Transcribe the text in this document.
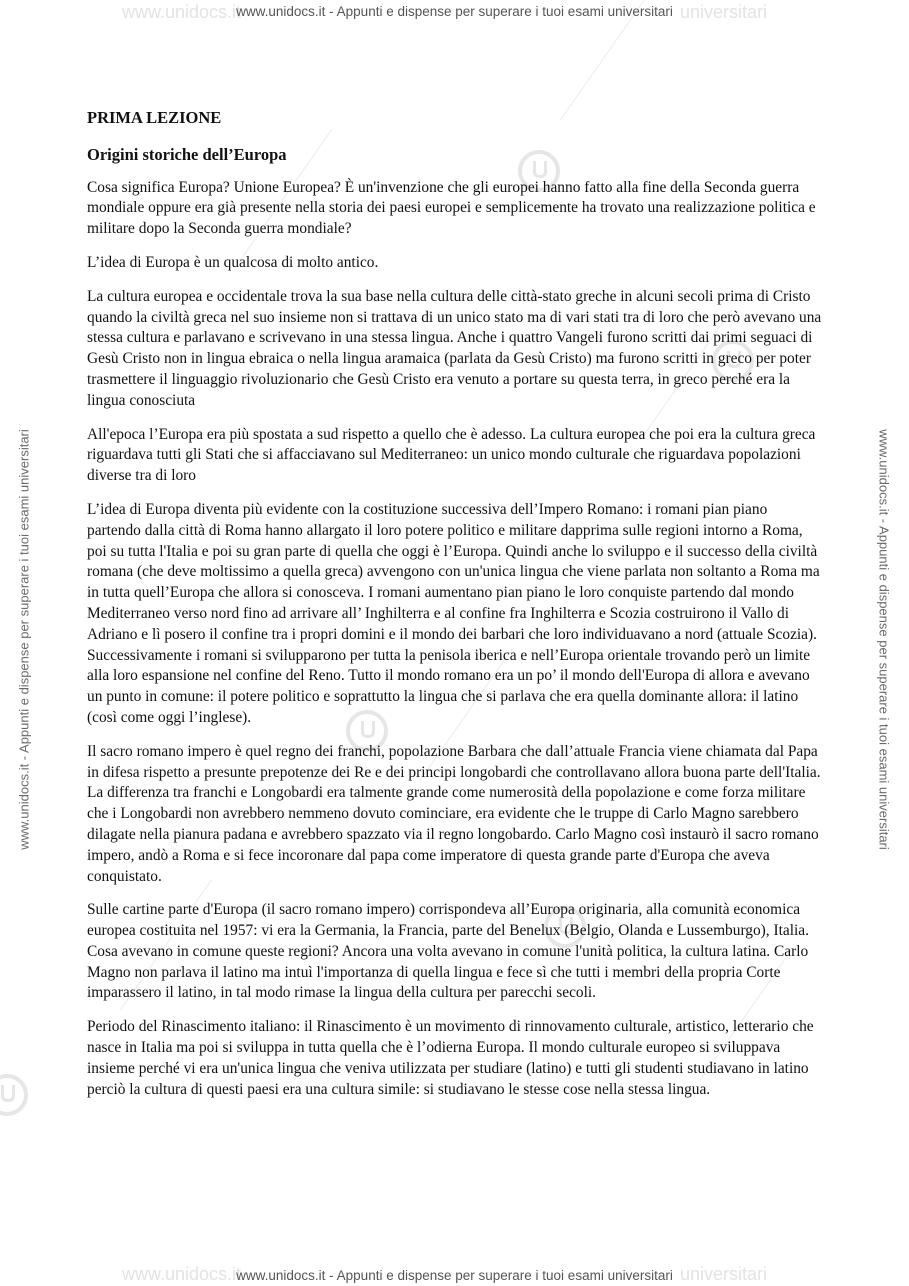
www.unidocs.it	universitari
www.unidocs.it	universitari
www.unidocs.it - Appunti e dispense per superare i tuoi esami universitari
www.unidocs.it - Appunti e dispense per superare i tuoi esami universitari
www.unidocs.it - Appunti e dispense per superare i tuoi esami universitari	www.unidocs.it - Appunti e dispense per superare i tuoi esami universitari
PRIMA LEZIONE
Origini storiche dell’Europa

Cosa significa Europa? Unione Europea? È un'invenzione che gli europei hanno fatto alla fine della Seconda guerra mondiale oppure era già presente nella storia dei paesi europei e semplicemente ha trovato una realizzazione politica e militare dopo la Seconda guerra mondiale?

L’idea di Europa è un qualcosa di molto antico.

La cultura europea e occidentale trova la sua base nella cultura delle città-stato greche in alcuni secoli prima di Cristo quando la civiltà greca nel suo insieme non si trattava di un unico stato ma di vari stati tra di loro che però avevano una stessa cultura e parlavano e scrivevano in una stessa lingua. Anche i quattro Vangeli furono scritti dai primi seguaci di Gesù Cristo non in lingua ebraica o nella lingua aramaica (parlata da Gesù Cristo) ma furono scritti in greco per poter trasmettere il linguaggio rivoluzionario che Gesù Cristo era venuto a portare su questa terra, in greco perché era la lingua conosciuta

All'epoca l’Europa era più spostata a sud rispetto a quello che è adesso. La cultura europea che poi era la cultura greca riguardava tutti gli Stati che si affacciavano sul Mediterraneo: un unico mondo culturale che riguardava popolazioni diverse tra di loro

L’idea di Europa diventa più evidente con la costituzione successiva dell’Impero Romano: i romani pian piano partendo dalla città di Roma hanno allargato il loro potere politico e militare dapprima sulle regioni intorno a Roma, poi su tutta l'Italia e poi su gran parte di quella che oggi è l’Europa. Quindi anche lo sviluppo e il successo della civiltà romana (che deve moltissimo a quella greca) avvengono con un'unica lingua che viene parlata non soltanto a Roma ma in tutta quell’Europa che allora si conosceva. I romani aumentano pian piano le loro conquiste partendo dal mondo Mediterraneo verso nord fino ad arrivare all’ Inghilterra e al confine fra Inghilterra e Scozia costruirono il Vallo di Adriano e lì posero il confine tra i propri domini e il mondo dei barbari che loro individuavano a nord (attuale Scozia). Successivamente i romani si svilupparono per tutta la penisola iberica e nell’Europa orientale trovando però un limite alla loro espansione nel confine del Reno. Tutto il mondo romano era un po’ il mondo dell'Europa di allora e avevano un punto in comune: il potere politico e soprattutto la lingua che si parlava che era quella dominante allora: il latino (così come oggi l’inglese).

Il sacro romano impero è quel regno dei franchi, popolazione Barbara che dall’attuale Francia viene chiamata dal Papa in difesa rispetto a presunte prepotenze dei Re e dei principi longobardi che controllavano allora buona parte dell'Italia. La differenza tra franchi e Longobardi era talmente grande come numerosità della popolazione e come forza militare che i Longobardi non avrebbero nemmeno dovuto cominciare, era evidente che le truppe di Carlo Magno sarebbero dilagate nella pianura padana e avrebbero spazzato via il regno longobardo. Carlo Magno così instaurò il sacro romano impero, andò a Roma e si fece incoronare dal papa come imperatore di questa grande parte d'Europa che aveva conquistato.

Sulle cartine parte d'Europa (il sacro romano impero) corrispondeva all’Europa originaria, alla comunità economica europea costituita nel 1957: vi era la Germania, la Francia, parte del Benelux (Belgio, Olanda e Lussemburgo), Italia. Cosa avevano in comune queste regioni? Ancora una volta avevano in comune l'unità politica, la cultura latina. Carlo Magno non parlava il latino ma intuì l'importanza di quella lingua e fece sì che tutti i membri della propria Corte imparassero il latino, in tal modo rimase la lingua della cultura per parecchi secoli.

Periodo del Rinascimento italiano: il Rinascimento è un movimento di rinnovamento culturale, artistico, letterario che nasce in Italia ma poi si sviluppa in tutta quella che è l’odierna Europa. Il mondo culturale europeo si sviluppava insieme perché vi era un'unica lingua che veniva utilizzata per studiare (latino) e tutti gli studenti studiavano in latino perciò la cultura di questi paesi era una cultura simile: si studiavano le stesse cose nella stessa lingua.
